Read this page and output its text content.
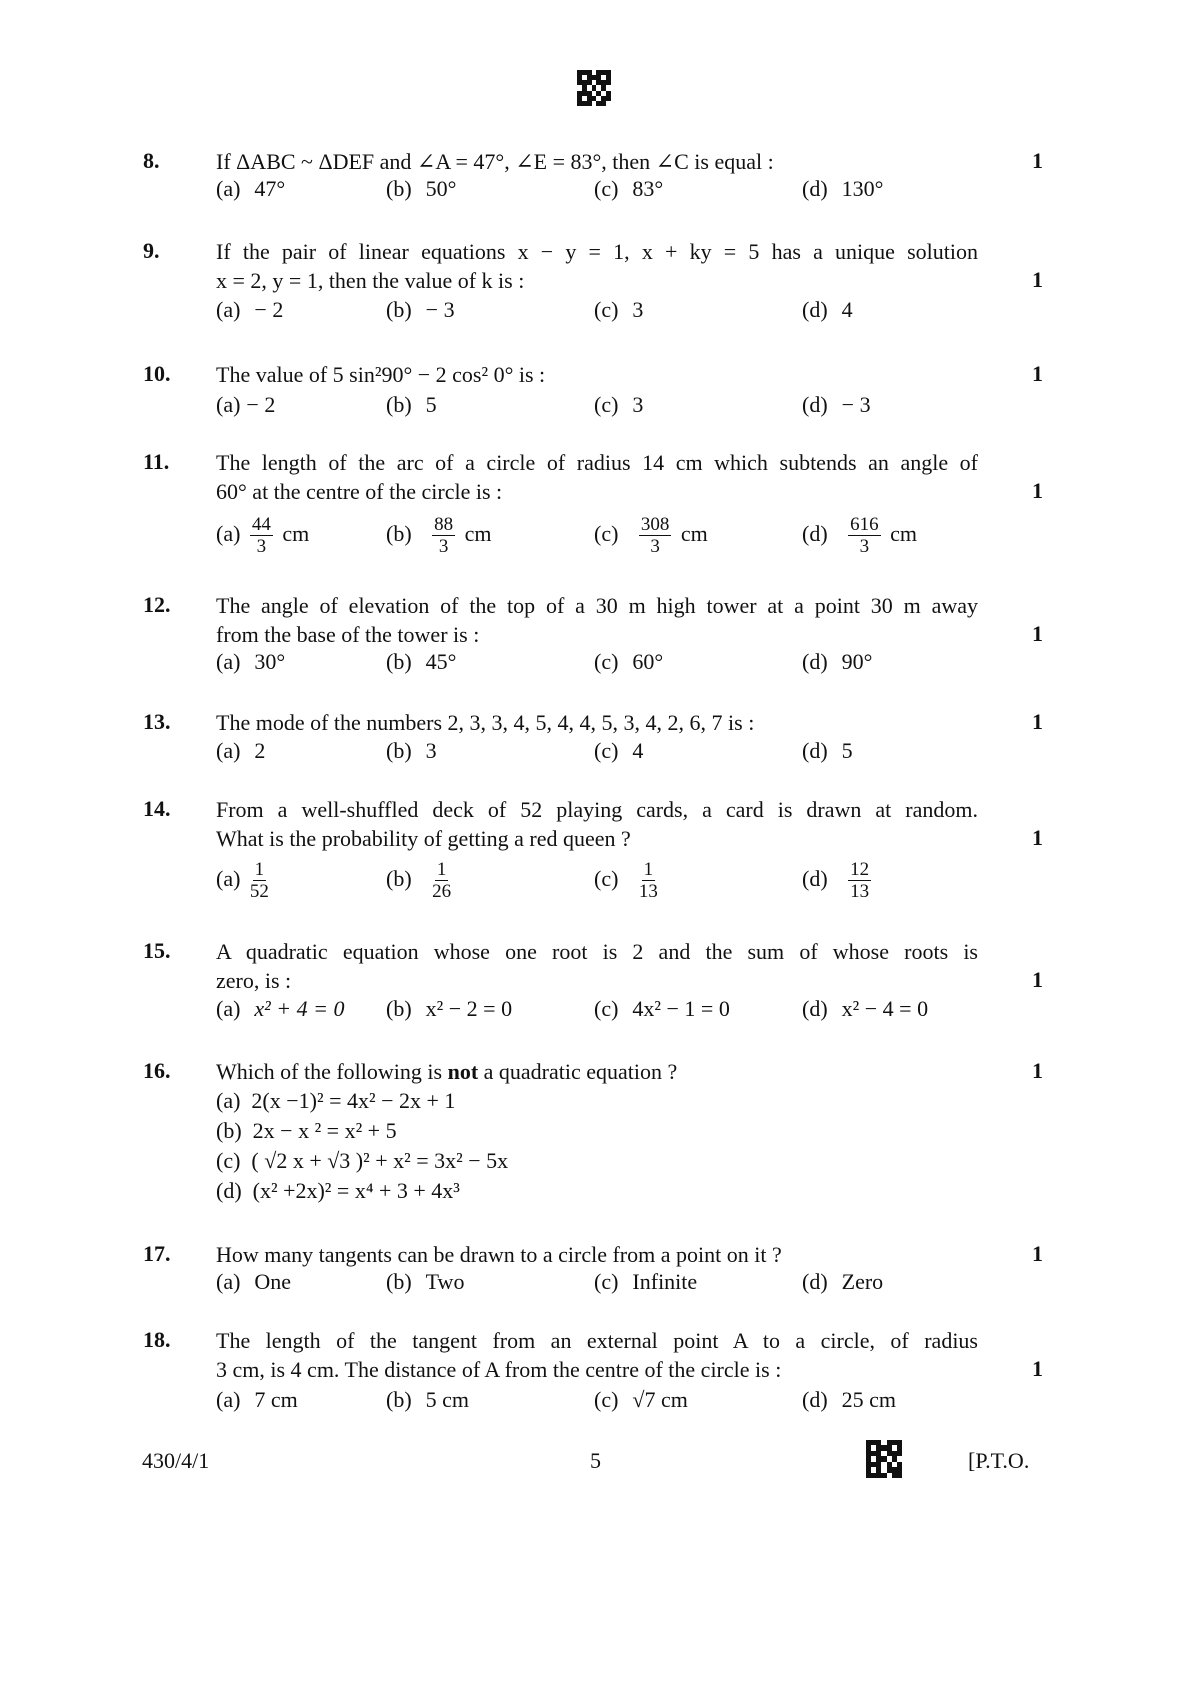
8.	If ΔABC ~ ΔDEF and ∠A = 47°, ∠E = 83°, then ∠C is equal :	1
(a) 47°	(b) 50°	(c) 83°	(d) 130°
9.	If the pair of linear equations x − y = 1, x + ky = 5 has a unique solution
x = 2, y = 1, then the value of k is :	1
(a) − 2	(b) − 3	(c) 3	(d) 4
10. The value of 5 sin²90° − 2 cos² 0° is :	1
(a) − 2	(b) 5	(c) 3	(d) − 3
11. The length of the arc of a circle of radius 14 cm which subtends an angle of
60° at the centre of the circle is :	1
$(a) \frac{44}{3}$ cm	$(b) \frac{88}{3}$ cm	$(c) \frac{308}{3}$ cm	$(d) \frac{616}{3}$ cm
12. The angle of elevation of the top of a 30 m high tower at a point 30 m away
from the base of the tower is :	1
(a) 30°	(b) 45°	(c) 60°	(d) 90°
13. The mode of the numbers 2, 3, 3, 4, 5, 4, 4, 5, 3, 4, 2, 6, 7 is :	1
(a) 2	(b) 3	(c) 4	(d) 5
14. From a well-shuffled deck of 52 playing cards, a card is drawn at random.
What is the probability of getting a red queen ?	1
$(a) \frac{1}{52}$	$(b) \frac{1}{26}$	$(c) \frac{1}{13}$	$(d) \frac{12}{13}$
15. A quadratic equation whose one root is 2 and the sum of whose roots is
zero, is :	1
(a) x² + 4 = 0 (b) x² − 2 = 0	(c) 4x² − 1 = 0	(d) x² − 4 = 0
16. Which of the following is not a quadratic equation ?	1
(a) 2(x −1)² = 4x² − 2x + 1
(b) 2x − x ² = x² + 5
(c) ( √2 x + √3 )² + x² = 3x² − 5x
(d) (x² +2x)² = x⁴ + 3 + 4x³
17. How many tangents can be drawn to a circle from a point on it ?	1
(a) One	(b) Two	(c) Infinite	(d) Zero
18. The length of the tangent from an external point A to a circle, of radius
3 cm, is 4 cm. The distance of A from the centre of the circle is :	1
(a) 7 cm	(b) 5 cm	(c) √7 cm	(d) 25 cm
430/4/1	5	[P.T.O.
